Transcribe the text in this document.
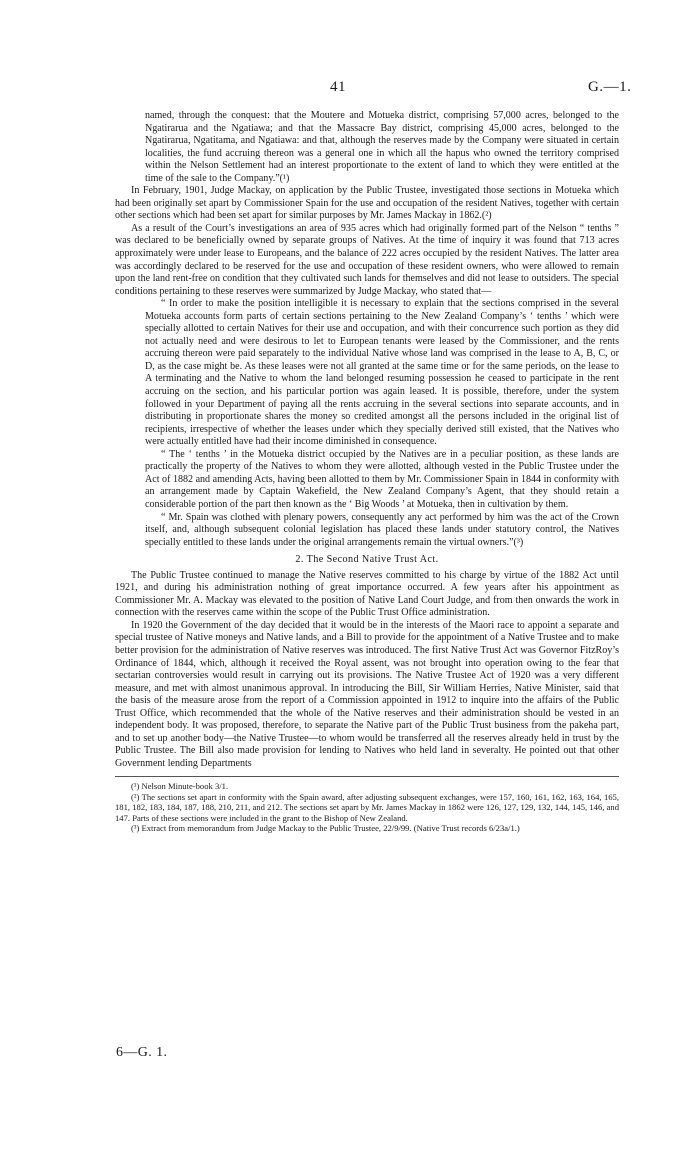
41	G.—1.

named, through the conquest: that the Moutere and Motueka district, comprising 57,000 acres, belonged to the Ngatirarua and the Ngatiawa; and that the Massacre Bay district, comprising 45,000 acres, belonged to the Ngatirarua, Ngatitama, and Ngatiawa: and that, although the reserves made by the Company were situated in certain localities, the fund accruing thereon was a general one in which all the hapus who owned the territory comprised within the Nelson Settlement had an interest proportionate to the extent of land to which they were entitled at the time of the sale to the Company.”(¹)

In February, 1901, Judge Mackay, on application by the Public Trustee, investigated those sections in Motueka which had been originally set apart by Commissioner Spain for the use and occupation of the resident Natives, together with certain other sections which had been set apart for similar purposes by Mr. James Mackay in 1862.(²)

As a result of the Court’s investigations an area of 935 acres which had originally formed part of the Nelson “ tenths ” was declared to be beneficially owned by separate groups of Natives. At the time of inquiry it was found that 713 acres approximately were under lease to Europeans, and the balance of 222 acres occupied by the resident Natives. The latter area was accordingly declared to be reserved for the use and occupation of these resident owners, who were allowed to remain upon the land rent-free on condition that they cultivated such lands for themselves and did not lease to outsiders. The special conditions pertaining to these reserves were summarized by Judge Mackay, who stated that—

“ In order to make the position intelligible it is necessary to explain that the sections comprised in the several Motueka accounts form parts of certain sections pertaining to the New Zealand Company’s ‘ tenths ’ which were specially allotted to certain Natives for their use and occupation, and with their concurrence such portion as they did not actually need and were desirous to let to European tenants were leased by the Commissioner, and the rents accruing thereon were paid separately to the individual Native whose land was comprised in the lease to A, B, C, or D, as the case might be. As these leases were not all granted at the same time or for the same periods, on the lease to A terminating and the Native to whom the land belonged resuming possession he ceased to participate in the rent accruing on the section, and his particular portion was again leased. It is possible, therefore, under the system followed in your Department of paying all the rents accruing in the several sections into separate accounts, and in distributing in proportionate shares the money so credited amongst all the persons included in the original list of recipients, irrespective of whether the leases under which they specially derived still existed, that the Natives who were actually entitled have had their income diminished in consequence.

“ The ‘ tenths ’ in the Motueka district occupied by the Natives are in a peculiar position, as these lands are practically the property of the Natives to whom they were allotted, although vested in the Public Trustee under the Act of 1882 and amending Acts, having been allotted to them by Mr. Commissioner Spain in 1844 in conformity with an arrangement made by Captain Wakefield, the New Zealand Company’s Agent, that they should retain a considerable portion of the part then known as the ‘ Big Woods ’ at Motueka, then in cultivation by them.

“ Mr. Spain was clothed with plenary powers, consequently any act performed by him was the act of the Crown itself, and, although subsequent colonial legislation has placed these lands under statutory control, the Natives specially entitled to these lands under the original arrangements remain the virtual owners.”(³)

2. The Second Native Trust Act.

The Public Trustee continued to manage the Native reserves committed to his charge by virtue of the 1882 Act until 1921, and during his administration nothing of great importance occurred. A few years after his appointment as Commissioner Mr. A. Mackay was elevated to the position of Native Land Court Judge, and from then onwards the work in connection with the reserves came within the scope of the Public Trust Office administration.

In 1920 the Government of the day decided that it would be in the interests of the Maori race to appoint a separate and special trustee of Native moneys and Native lands, and a Bill to provide for the appointment of a Native Trustee and to make better provision for the administration of Native reserves was introduced. The first Native Trust Act was Governor FitzRoy’s Ordinance of 1844, which, although it received the Royal assent, was not brought into operation owing to the fear that sectarian controversies would result in carrying out its provisions. The Native Trustee Act of 1920 was a very different measure, and met with almost unanimous approval. In introducing the Bill, Sir William Herries, Native Minister, said that the basis of the measure arose from the report of a Commission appointed in 1912 to inquire into the affairs of the Public Trust Office, which recommended that the whole of the Native reserves and their administration should be vested in an independent body. It was proposed, therefore, to separate the Native part of the Public Trust business from the pakeha part, and to set up another body—the Native Trustee—to whom would be transferred all the reserves already held in trust by the Public Trustee. The Bill also made provision for lending to Natives who held land in severalty. He pointed out that other Government lending Departments

(¹) Nelson Minute-book 3/1.

(²) The sections set apart in conformity with the Spain award, after adjusting subsequent exchanges, were 157, 160, 161, 162, 163, 164, 165, 181, 182, 183, 184, 187, 188, 210, 211, and 212. The sections set apart by Mr. James Mackay in 1862 were 126, 127, 129, 132, 144, 145, 146, and 147. Parts of these sections were included in the grant to the Bishop of New Zealand.

(³) Extract from memorandum from Judge Mackay to the Public Trustee, 22/9/99. (Native Trust records 6/23a/1.)

6—G. 1.
